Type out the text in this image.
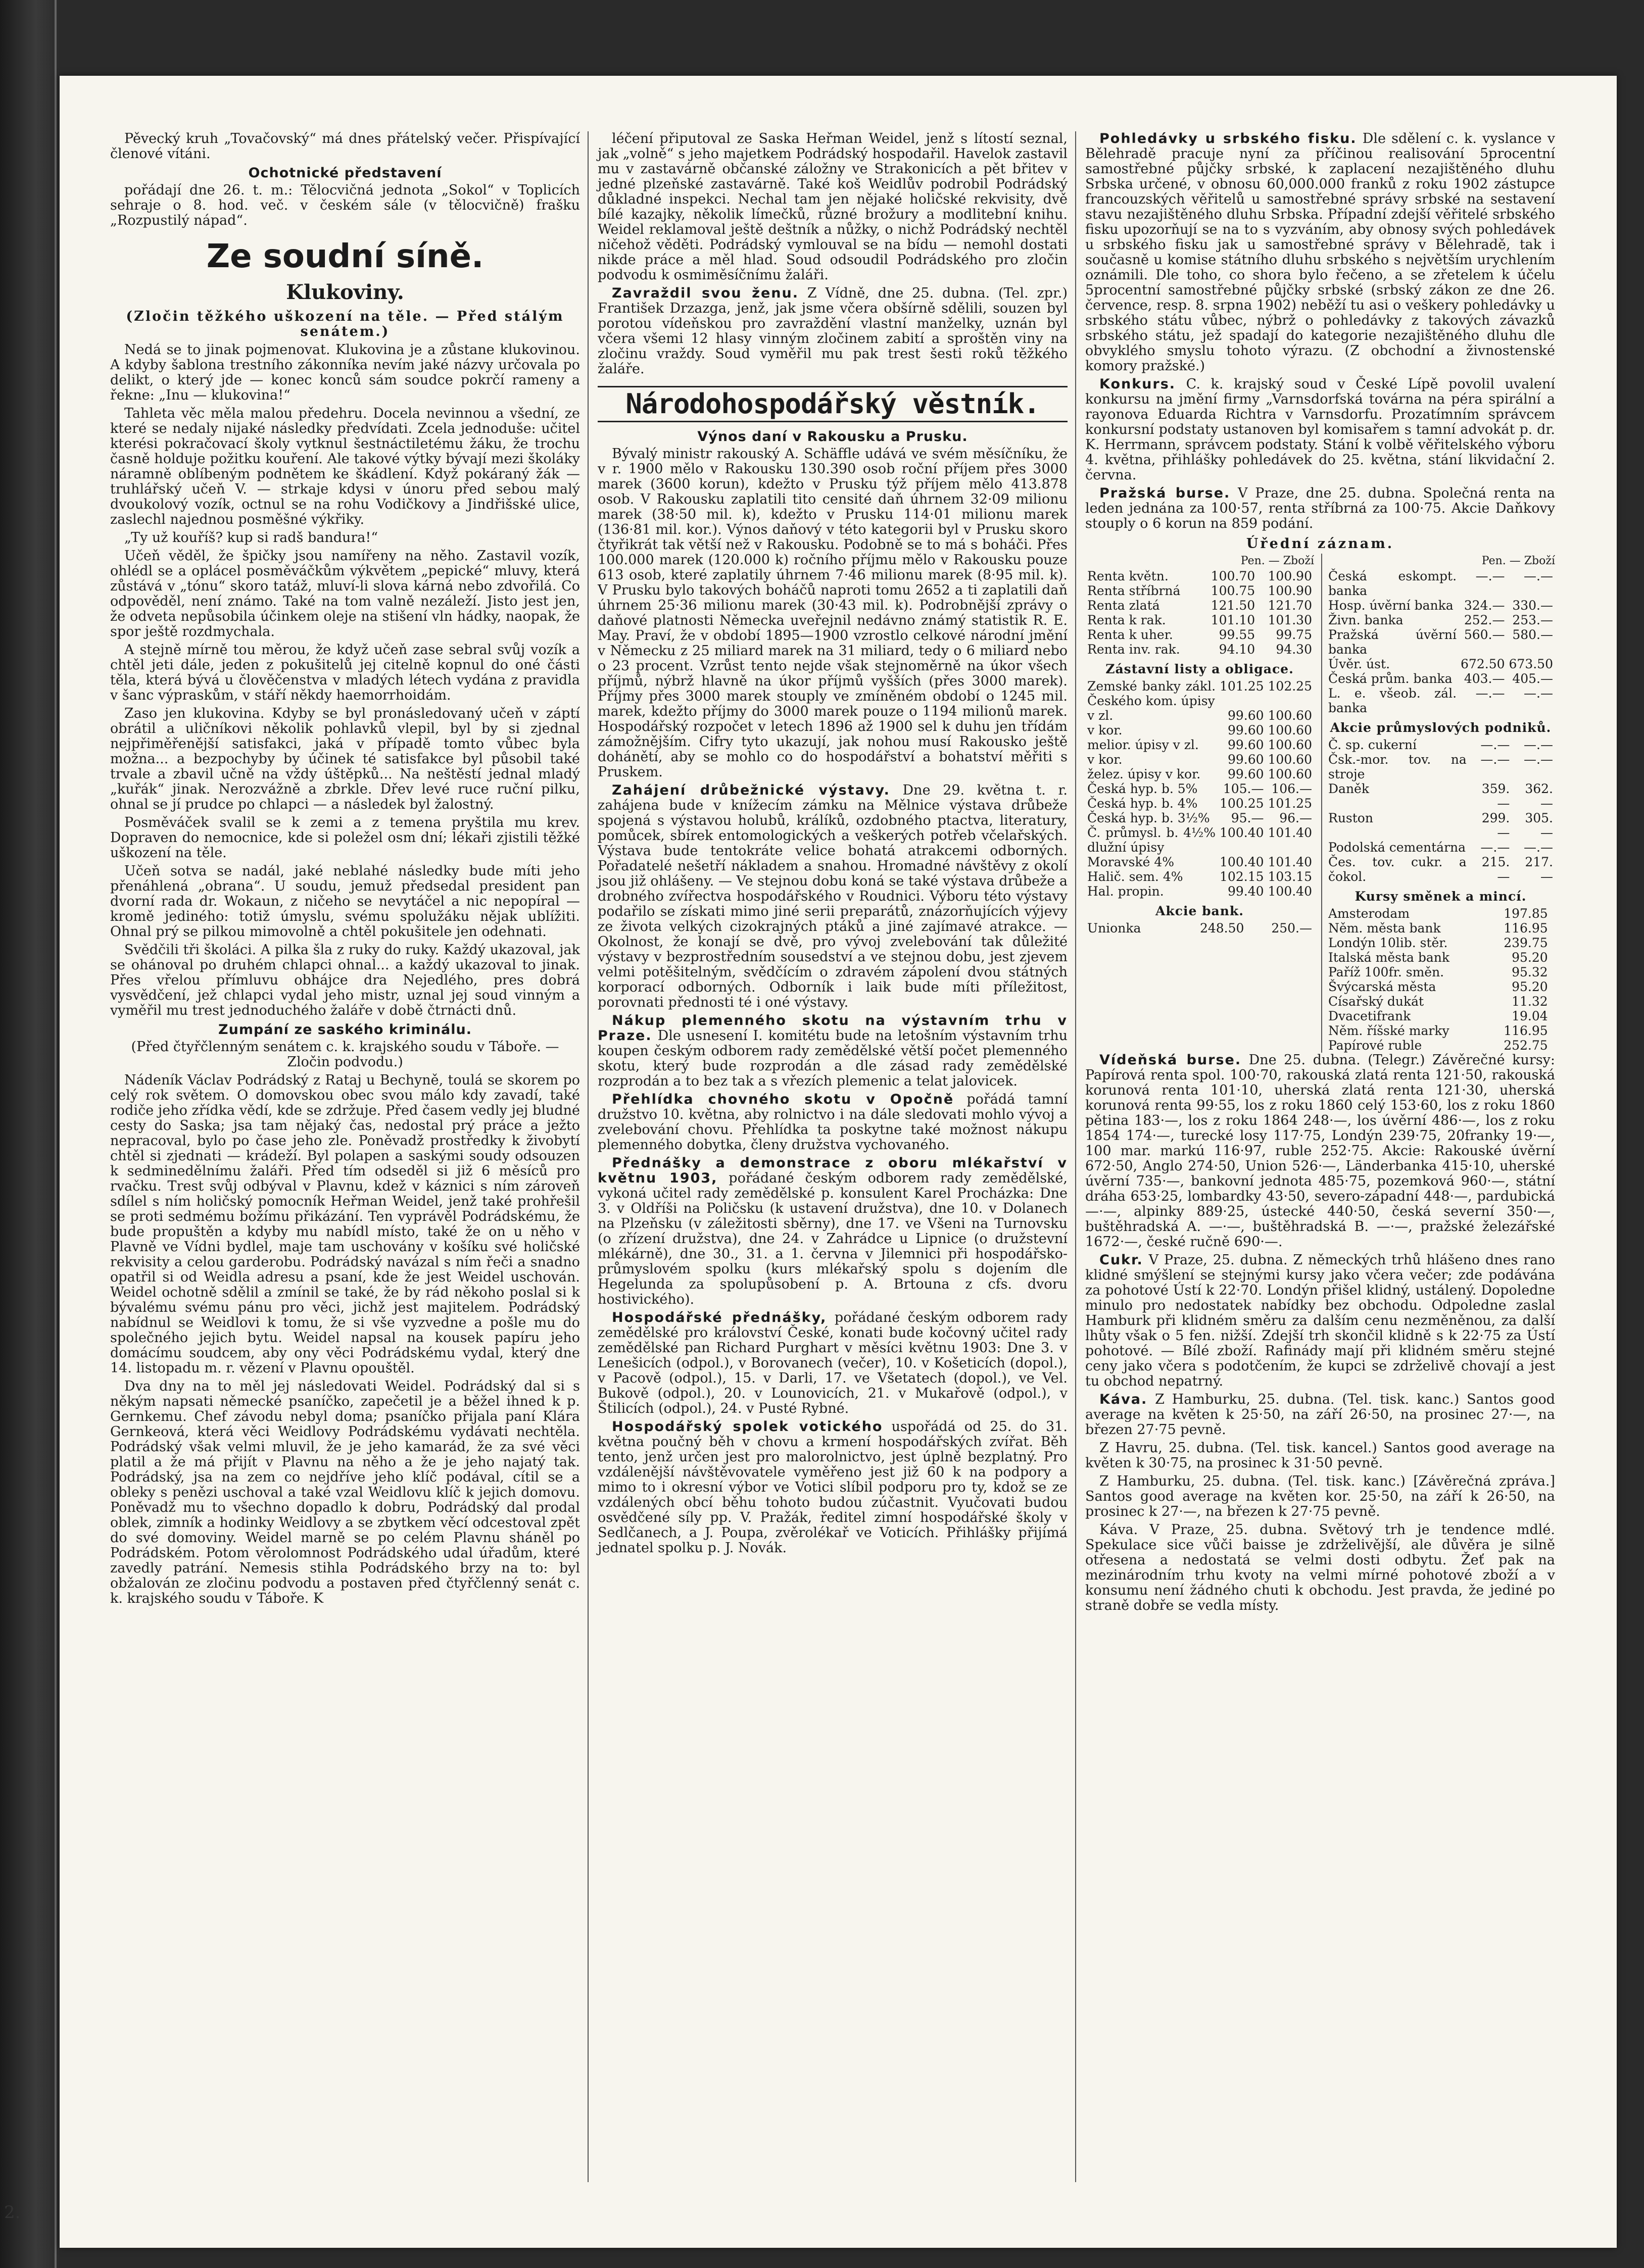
Pěvecký kruh „Tovačovský“ má dnes přátelský večer. Přispívající členové vítáni.

Ochotnické představení

pořádají dne 26. t. m.: Tělocvičná jednota „Sokol“ v Toplicích sehraje o 8. hod. več. v českém sále (v tělocvičně) frašku „Rozpustilý nápad“.

Ze soudní síně.
Klukoviny.

(Zločin těžkého uškození na těle. — Před stálým senátem.)

Nedá se to jinak pojmenovat. Klukovina je a zůstane klukovinou. A kdyby šablona trestního zákonníka nevím jaké názvy určovala po delikt, o který jde — konec konců sám soudce pokrčí rameny a řekne: „Inu — klukovina!“

Tahleta věc měla malou předehru. Docela nevinnou a všední, ze které se nedaly nijaké následky předvídati. Zcela jednoduše: učitel kterési pokračovací školy vytknul šestnáctiletému žáku, že trochu časně holduje požitku kouření. Ale takové výtky bývají mezi školáky náramně oblíbeným podnětem ke škádlení. Když pokáraný žák — truhlářský učeň V. — strkaje kdysi v únoru před sebou malý dvoukolový vozík, octnul se na rohu Vodičkovy a Jindřišské ulice, zaslechl najednou posměšné výkřiky.

„Ty už kouříš? kup si radš bandura!“

Učeň věděl, že špičky jsou namířeny na něho. Zastavil vozík, ohlédl se a oplácel posměváčkům výkvětem „pepické“ mluvy, která zůstává v „tónu“ skoro tatáž, mluví-li slova kárná nebo zdvořilá. Co odpověděl, není známo. Také na tom valně nezáleží. Jisto jest jen, že odveta nepůsobila účinkem oleje na stišení vln hádky, naopak, že spor ještě rozdmychala.

A stejně mírně tou měrou, že když učeň zase sebral svůj vozík a chtěl jeti dále, jeden z pokušitelů jej citelně kopnul do oné části těla, která bývá u člověčenstva v mladých létech vydána z pravidla v šanc výpraskům, v stáří někdy haemorrhoidám.

Zaso jen klukovina. Kdyby se byl pronásledovaný učeň v záptí obrátil a uličníkovi několik pohlavků vlepil, byl by si zjednal nejpřiměřenější satisfakci, jaká v případě tomto vůbec byla možna... a bezpochyby by účinek té satisfakce byl působil také trvale a zbavil učně na vždy úštěpků... Na neštěstí jednal mladý „kuřák“ jinak. Nerozvážně a zbrkle. Dřev levé ruce ruční pilku, ohnal se jí prudce po chlapci — a následek byl žalostný.

Posměváček svalil se k zemi a z temena pryštila mu krev. Dopraven do nemocnice, kde si poležel osm dní; lékaři zjistili těžké uškození na těle.

Učeň sotva se nadál, jaké neblahé následky bude míti jeho přenáhlená „obrana“. U soudu, jemuž předsedal president pan dvorní rada dr. Wokaun, z ničeho se nevytáčel a nic nepopíral — kromě jediného: totiž úmyslu, svému spolužáku nějak ublížiti. Ohnal prý se pilkou mimovolně a chtěl pokušitele jen odehnati.

Svědčili tři školáci. A pilka šla z ruky do ruky. Každý ukazoval, jak se ohánoval po druhém chlapci ohnal... a každý ukazoval to jinak. Přes vřelou přímluvu obhájce dra Nejedlého, pres dobrá vysvědčení, jež chlapci vydal jeho mistr, uznal jej soud vinným a vyměřil mu trest jednoduchého žaláře v době čtrnácti dnů.

Zumpání ze saského kriminálu.

(Před čtyřčlenným senátem c. k. krajského soudu v Táboře. — Zločin podvodu.)

Nádeník Václav Podrádský z Rataj u Bechyně, toulá se skorem po celý rok světem. O domovskou obec svou málo kdy zavadí, také rodiče jeho zřídka vědí, kde se zdržuje. Před časem vedly jej bludné cesty do Saska; jsa tam nějaký čas, nedostal prý práce a ježto nepracoval, bylo po čase jeho zle. Poněvadž prostředky k živobytí chtěl si zjednati — krádeží. Byl polapen a saskými soudy odsouzen k sedminedělnímu žaláři. Před tím odseděl si již 6 měsíců pro rvačku. Trest svůj odbýval v Plavnu, kdež v káznici s ním zároveň sdílel s ním holičský pomocník Heřman Weidel, jenž také prohřešil se proti sedmému božímu přikázání. Ten vyprávěl Podrádskému, že bude propuštěn a kdyby mu nabídl místo, také že on u něho v Plavně ve Vídni bydlel, maje tam uschovány v košíku své holičské rekvisity a celou garderobu. Podrádský navázal s ním řeči a snadno opatřil si od Weidla adresu a psaní, kde že jest Weidel uschován. Weidel ochotně sdělil a zmínil se také, že by rád někoho poslal si k bývalému svému pánu pro věci, jichž jest majitelem. Podrádský nabídnul se Weidlovi k tomu, že si vše vyzvedne a pošle mu do společného jejich bytu. Weidel napsal na kousek papíru jeho domácímu soudcem, aby ony věci Podrádskému vydal, který dne 14. listopadu m. r. vězení v Plavnu opouštěl.

Dva dny na to měl jej následovati Weidel. Podrádský dal si s někým napsati německé psaníčko, zapečetil je a běžel ihned k p. Gernkemu. Chef závodu nebyl doma; psaníčko přijala paní Klára Gernkeová, která věci Weidlovy Podrádskému vydávati nechtěla. Podrádský však velmi mluvil, že je jeho kamarád, že za své věci platil a že má přijít v Plavnu na něho a že je jeho najatý tak. Podrádský, jsa na zem co nejdříve jeho klíč podával, cítil se a obleky s penězi uschoval a také vzal Weidlovu klíč k jejich domovu. Poněvadž mu to všechno dopadlo k dobru, Podrádský dal prodal oblek, zimník a hodinky Weidlovy a se zbytkem věcí odcestoval zpět do své domoviny. Weidel marně se po celém Plavnu sháněl po Podrádském. Potom věrolomnost Podrádského udal úřadům, které zavedly patrání. Nemesis stihla Podrádského brzy na to: byl obžalován ze zločinu podvodu a postaven před čtyřčlenný senát c. k. krajského soudu v Táboře. K

léčení připutoval ze Saska Heřman Weidel, jenž s lítostí seznal, jak „volně“ s jeho majetkem Podrádský hospodařil. Havelok zastavil mu v zastavárně občanské záložny ve Strakonicích a pět břitev v jedné plzeňské zastavárně. Také koš Weidlův podrobil Podrádský důkladné inspekci. Nechal tam jen nějaké holičské rekvisity, dvě bílé kazajky, několik límečků, různé brožury a modlitební knihu. Weidel reklamoval ještě deštník a nůžky, o nichž Podrádský nechtěl ničehož věděti. Podrádský vymlouval se na bídu — nemohl dostati nikde práce a měl hlad. Soud odsoudil Podrádského pro zločin podvodu k osmiměsíčnímu žaláři.

Zavraždil svou ženu. Z Vídně, dne 25. dubna. (Tel. zpr.) František Drzazga, jenž, jak jsme včera obšírně sdělili, souzen byl porotou vídeňskou pro zavraždění vlastní manželky, uznán byl včera všemi 12 hlasy vinným zločinem zabití a sproštěn viny na zločinu vraždy. Soud vyměřil mu pak trest šesti roků těžkého žaláře.

Národohospodářský věstník.
Výnos daní v Rakousku a Prusku.

Bývalý ministr rakouský A. Schäffle udává ve svém měsíčníku, že v r. 1900 mělo v Rakousku 130.390 osob roční příjem přes 3000 marek (3600 korun), kdežto v Prusku týž příjem mělo 413.878 osob. V Rakousku zaplatili tito censité daň úhrnem 32·09 milionu marek (38·50 mil. k), kdežto v Prusku 114·01 milionu marek (136·81 mil. kor.). Výnos daňový v této kategorii byl v Prusku skoro čtyřikrát tak větší než v Rakousku. Podobně se to má s boháči. Přes 100.000 marek (120.000 k) ročního příjmu mělo v Rakousku pouze 613 osob, které zaplatily úhrnem 7·46 milionu marek (8·95 mil. k). V Prusku bylo takových boháčů naproti tomu 2652 a ti zaplatili daň úhrnem 25·36 milionu marek (30·43 mil. k). Podrobnější zprávy o daňové platnosti Německa uveřejnil nedávno známý statistik R. E. May. Praví, že v období 1895—1900 vzrostlo celkové národní jmění v Německu z 25 miliard marek na 31 miliard, tedy o 6 miliard nebo o 23 procent. Vzrůst tento nejde však stejnoměrně na úkor všech příjmů, nýbrž hlavně na úkor příjmů vyšších (přes 3000 marek). Příjmy přes 3000 marek stouply ve zmíněném období o 1245 mil. marek, kdežto příjmy do 3000 marek pouze o 1194 milionů marek. Hospodářský rozpočet v letech 1896 až 1900 sel k duhu jen třídám zámožnějším. Cifry tyto ukazují, jak nohou musí Rakousko ještě dohánětí, aby se mohlo co do hospodářství a bohatství měřiti s Pruskem.

Zahájení drůbežnické výstavy. Dne 29. května t. r. zahájena bude v knížecím zámku na Mělnice výstava drůbeže spojená s výstavou holubů, králíků, ozdobného ptactva, literatury, pomůcek, sbírek entomologických a veškerých potřeb včelařských. Výstava bude tentokráte velice bohatá atrakcemi odborných. Pořadatelé nešetří nákladem a snahou. Hromadné návštěvy z okolí jsou již ohlášeny. — Ve stejnou dobu koná se také výstava drůbeže a drobného zvířectva hospodářského v Roudnici. Výboru této výstavy podařilo se získati mimo jiné serii preparátů, znázorňujících výjevy ze života velkých cizokrajných ptáků a jiné zajímavé atrakce. — Okolnost, že konají se dvě, pro vývoj zvelebování tak důležité výstavy v bezprostředním sousedství a ve stejnou dobu, jest zjevem velmi potěšitelným, svědčícím o zdravém zápolení dvou státných korporací odborných. Odborník i laik bude míti příležitost, porovnati přednosti té i oné výstavy.

Nákup plemenného skotu na výstavním trhu v Praze. Dle usnesení I. komitétu bude na letošním výstavním trhu koupen českým odborem rady zemědělské větší počet plemenného skotu, který bude rozprodán a dle zásad rady zemědělské rozprodán a to bez tak a s vřezích plemenic a telat jalovicek.

Přehlídka chovného skotu v Opočně pořádá tamní družstvo 10. května, aby rolnictvo i na dále sledovati mohlo vývoj a zvelebování chovu. Přehlídka ta poskytne také možnost nákupu plemenného dobytka, členy družstva vychovaného.

Přednášky a demonstrace z oboru mlékařství v květnu 1903, pořádané českým odborem rady zemědělské, vykoná učitel rady zemědělské p. konsulent Karel Procházka: Dne 3. v Oldříši na Poličsku (k ustavení družstva), dne 10. v Dolanech na Plzeňsku (v záležitosti sběrny), dne 17. ve Všeni na Turnovsku (o zřízení družstva), dne 24. v Zahrádce u Lipnice (o družstevní mlékárně), dne 30., 31. a 1. června v Jilemnici při hospodářsko-průmyslovém spolku (kurs mlékařský spolu s dojením dle Hegelunda za spolupůsobení p. A. Brtouna z cfs. dvoru hostivického).

Hospodářské přednášky, pořádané českým odborem rady zemědělské pro království České, konati bude kočovný učitel rady zemědělské pan Richard Purghart v měsíci květnu 1903: Dne 3. v Lenešicích (odpol.), v Borovanech (večer), 10. v Košeticích (dopol.), v Pacově (odpol.), 15. v Darli, 17. ve Všetatech (dopol.), ve Vel. Bukově (odpol.), 20. v Lounovicích, 21. v Mukařově (odpol.), v Štilicích (odpol.), 24. v Pusté Rybné.

Hospodářský spolek votického uspořádá od 25. do 31. května poučný běh v chovu a krmení hospodářských zvířat. Běh tento, jenž určen jest pro malorolnictvo, jest úplně bezplatný. Pro vzdálenější návštěvovatele vyměřeno jest již 60 k na podpory a mimo to i okresní výbor ve Votici slíbil podporu pro ty, kdož se ze vzdálených obcí běhu tohoto budou zúčastnit. Vyučovati budou osvědčené síly pp. V. Pražák, ředitel zimní hospodářské školy v Sedlčanech, a J. Poupa, zvěrolékař ve Voticích. Přihlášky přijímá jednatel spolku p. J. Novák.

Pohledávky u srbského fisku. Dle sdělení c. k. vyslance v Bělehradě pracuje nyní za příčinou realisování 5procentní samostřebné půjčky srbské, k zaplacení nezajištěného dluhu Srbska určené, v obnosu 60,000.000 franků z roku 1902 zástupce francouzských věřitelů u samostřebné správy srbské na sestavení stavu nezajištěného dluhu Srbska. Případní zdejší věřitelé srbského fisku upozorňují se na to s vyzváním, aby obnosy svých pohledávek u srbského fisku jak u samostřebné správy v Bělehradě, tak i současně u komise státního dluhu srbského s největším urychlením oznámili. Dle toho, co shora bylo řečeno, a se zřetelem k účelu 5procentní samostřebné půjčky srbské (srbský zákon ze dne 26. července, resp. 8. srpna 1902) neběží tu asi o veškery pohledávky u srbského státu vůbec, nýbrž o pohledávky z takových závazků srbského státu, jež spadají do kategorie nezajištěného dluhu dle obvyklého smyslu tohoto výrazu. (Z obchodní a živnostenské komory pražské.)

Konkurs. C. k. krajský soud v České Lípě povolil uvalení konkursu na jmění firmy „Varnsdorfská továrna na péra spirální a rayonova Eduarda Richtra v Varnsdorfu. Prozatímním správcem konkursní podstaty ustanoven byl komisařem s tamní advokát p. dr. K. Herrmann, správcem podstaty. Stání k volbě věřitelského výboru 4. května, přihlášky pohledávek do 25. května, stání likvidační 2. června.

Pražská burse. V Praze, dne 25. dubna. Společná renta na leden jednána za 100·57, renta stříbrná za 100·75. Akcie Daňkovy stouply o 6 korun na 859 podání.

Úřední záznam.

Pen. — Zboží
Renta květn.	100.70	100.90
Renta stříbrná	100.75	100.90
Renta zlatá	121.50	121.70
Renta k rak.	101.10	101.30
Renta k uher.	99.55	99.75
Renta inv. rak.	94.10	94.30
Zástavní listy a obligace.
Zemské banky zákl. Českého kom. úpisy	101.25	102.25
v zl.	99.60	100.60
v kor.	99.60	100.60
melior. úpisy v zl.	99.60	100.60
v kor.	99.60	100.60
želez. úpisy v kor.	99.60	100.60
Česká hyp. b. 5%	105.—	106.—
Česká hyp. b. 4%	100.25	101.25
Česká hyp. b. 3½%	95.—	96.—
Č. průmysl. b. 4½% dlužní úpisy	100.40	101.40
Moravské 4%	100.40	101.40
Halič. sem. 4%	102.15	103.15
Hal. propin.	99.40	100.40
Akcie bank.
Unionka	248.50	250.—
Pen. — Zboží
Česká eskompt. banka	—.—	—.—
Hosp. úvěrní banka	324.—	330.—
Živn. banka	252.—	253.—
Pražská úvěrní banka	560.—	580.—
Úvěr. úst.	672.50	673.50
Česká prům. banka	403.—	405.—
L. e. všeob. zál. banka	—.—	—.—
Akcie průmyslových podniků.
Č. sp. cukerní	—.—	—.—
Čsk.-mor. tov. na stroje	—.—	—.—
Daněk	359.—	362.—
Ruston	299.—	305.—
Podolská cementárna	—.—	—.—
Čes. tov. cukr. a čokol.	215.—	217.—
Kursy směnek a mincí.
Amsterodam	197.85	
Něm. města bank	116.95	
Londýn 10lib. stěr.	239.75	
Italská města bank	95.20	
Paříž 100fr. směn.	95.32	
Švýcarská města	95.20	
Císařský dukát	11.32	
Dvacetifrank	19.04	
Něm. říšské marky	116.95	
Papírové ruble	252.75	

Vídeňská burse. Dne 25. dubna. (Telegr.) Závěrečné kursy: Papírová renta spol. 100·70, rakouská zlatá renta 121·50, rakouská korunová renta 101·10, uherská zlatá renta 121·30, uherská korunová renta 99·55, los z roku 1860 celý 153·60, los z roku 1860 pětina 183·—, los z roku 1864 248·—, los úvěrní 486·—, los z roku 1854 174·—, turecké losy 117·75, Londýn 239·75, 20franky 19·—, 100 mar. markú 116·97, ruble 252·75. Akcie: Rakouské úvěrní 672·50, Anglo 274·50, Union 526·—, Länderbanka 415·10, uherské úvěrní 735·—, bankovní jednota 485·75, pozemková 960·—, státní dráha 653·25, lombardky 43·50, severo-západní 448·—, pardubická —·—, alpinky 889·25, ústecké 440·50, česká severní 350·—, buštěhradská A. —·—, buštěhradská B. —·—, pražské železářské 1672·—, české ručně 690·—.

Cukr. V Praze, 25. dubna. Z německých trhů hlášeno dnes rano klidné smýšlení se stejnými kursy jako včera večer; zde podávána za pohotové Ústí k 22·70. Londýn přišel klidný, ustálený. Dopoledne minulo pro nedostatek nabídky bez obchodu. Odpoledne zaslal Hamburk při klidném směru za dalším cenu nezměněnou, za další lhůty však o 5 fen. nižší. Zdejší trh skončil klidně s k 22·75 za Ústí pohotové. — Bílé zboží. Rafinády mají při klidném směru stejné ceny jako včera s podotčením, že kupci se zdrželivě chovají a jest tu obchod nepatrný.

Káva. Z Hamburku, 25. dubna. (Tel. tisk. kanc.) Santos good average na květen k 25·50, na září 26·50, na prosinec 27·—, na březen 27·75 pevně.

Z Havru, 25. dubna. (Tel. tisk. kancel.) Santos good average na květen k 30·75, na prosinec k 31·50 pevně.

Z Hamburku, 25. dubna. (Tel. tisk. kanc.) [Závěrečná zpráva.] Santos good average na květen kor. 25·50, na září k 26·50, na prosinec k 27·—, na březen k 27·75 pevně.

Káva. V Praze, 25. dubna. Světový trh je tendence mdlé. Spekulace sice vůči baisse je zdrželivější, ale důvěra je silně otřesena a nedostatá se velmi dosti odbytu. Žeť pak na mezinárodním trhu kvoty na velmi mírné pohotové zboží a v konsumu není žádného chuti k obchodu. Jest pravda, že jediné po straně dobře se vedla místy.

2.
